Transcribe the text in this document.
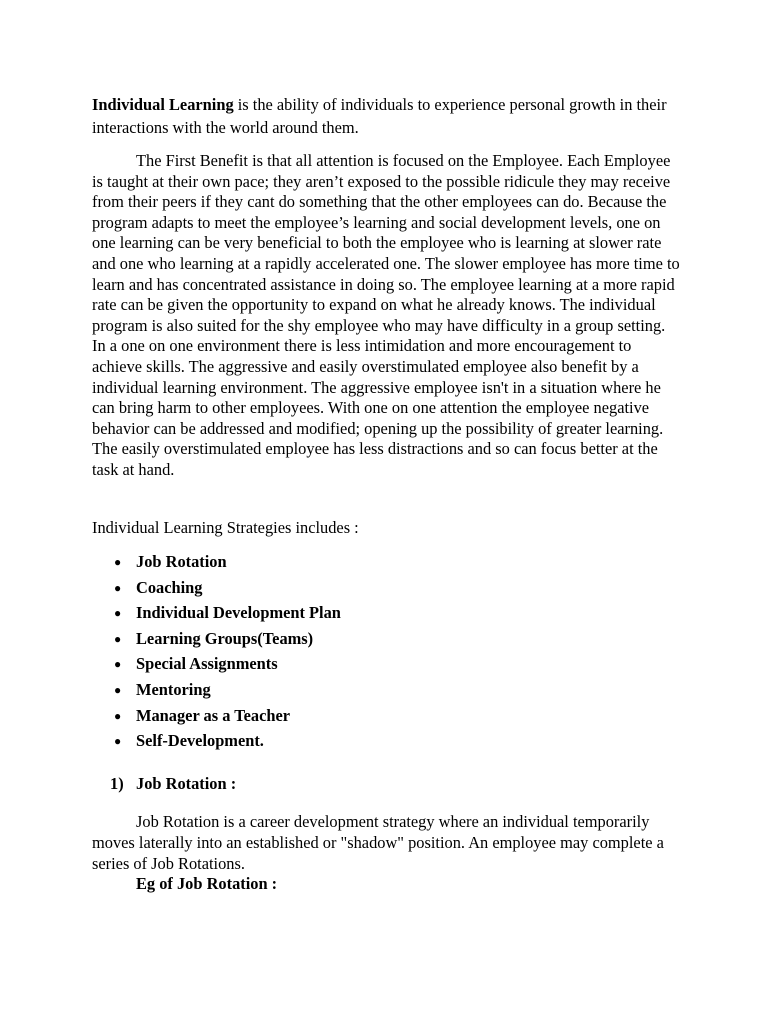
Individual Learning is the ability of individuals to experience personal growth in their interactions with the world around them.

The First Benefit is that all attention is focused on the Employee. Each Employee is taught at their own pace; they aren’t exposed to the possible ridicule they may receive from their peers if they cant do something that the other employees can do. Because the program adapts to meet the employee’s learning and social development levels, one on one learning can be very beneficial to both the employee who is learning at slower rate and one who learning at a rapidly accelerated one. The slower employee has more time to learn and has concentrated assistance in doing so. The employee learning at a more rapid rate can be given the opportunity to expand on what he already knows. The individual program is also suited for the shy employee who may have difficulty in a group setting. In a one on one environment there is less intimidation and more encouragement to achieve skills. The aggressive and easily overstimulated employee also benefit by a individual learning environment. The aggressive employee isn't in a situation where he can bring harm to other employees. With one on one attention the employee negative behavior can be addressed and modified; opening up the possibility of greater learning. The easily overstimulated employee has less distractions and so can focus better at the task at hand.

Individual Learning Strategies includes :

● Job Rotation
● Coaching
● Individual Development Plan
● Learning Groups(Teams)
● Special Assignments
● Mentoring
● Manager as a Teacher
● Self-Development.

1) Job Rotation :

Job Rotation is a career development strategy where an individual temporarily moves laterally into an established or "shadow" position. An employee may complete a series of Job Rotations.

Eg of Job Rotation :
